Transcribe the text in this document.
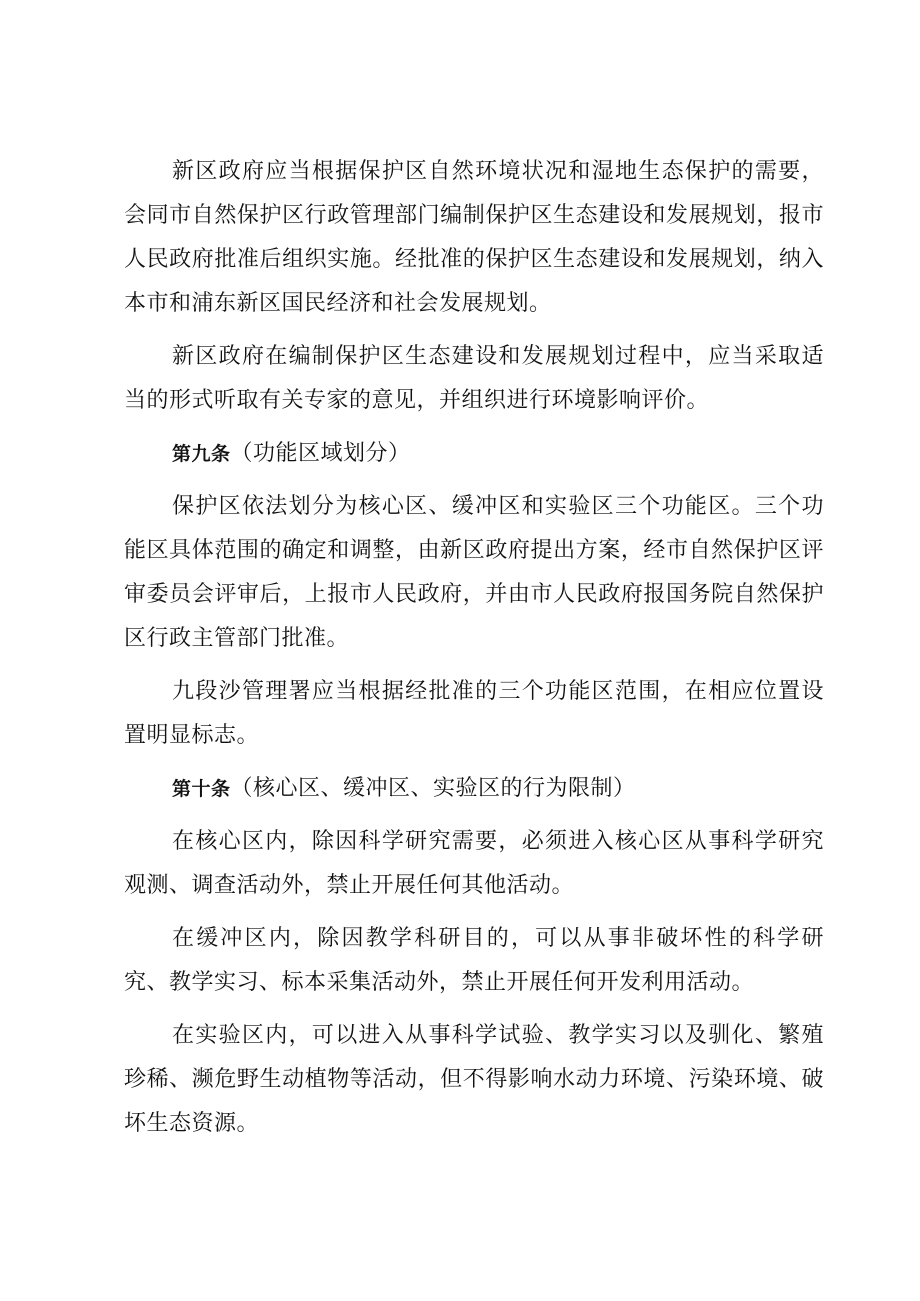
新区政府应当根据保护区自然环境状况和湿地生态保护的需要，会同市自然保护区行政管理部门编制保护区生态建设和发展规划，报市人民政府批准后组织实施。经批准的保护区生态建设和发展规划，纳入本市和浦东新区国民经济和社会发展规划。

新区政府在编制保护区生态建设和发展规划过程中，应当采取适当的形式听取有关专家的意见，并组织进行环境影响评价。

第九条（功能区域划分）

保护区依法划分为核心区、缓冲区和实验区三个功能区。三个功能区具体范围的确定和调整，由新区政府提出方案，经市自然保护区评审委员会评审后，上报市人民政府，并由市人民政府报国务院自然保护区行政主管部门批准。

九段沙管理署应当根据经批准的三个功能区范围，在相应位置设置明显标志。

第十条（核心区、缓冲区、实验区的行为限制）

在核心区内，除因科学研究需要，必须进入核心区从事科学研究观测、调查活动外，禁止开展任何其他活动。

在缓冲区内，除因教学科研目的，可以从事非破坏性的科学研究、教学实习、标本采集活动外，禁止开展任何开发利用活动。

在实验区内，可以进入从事科学试验、教学实习以及驯化、繁殖珍稀、濒危野生动植物等活动，但不得影响水动力环境、污染环境、破坏生态资源。
